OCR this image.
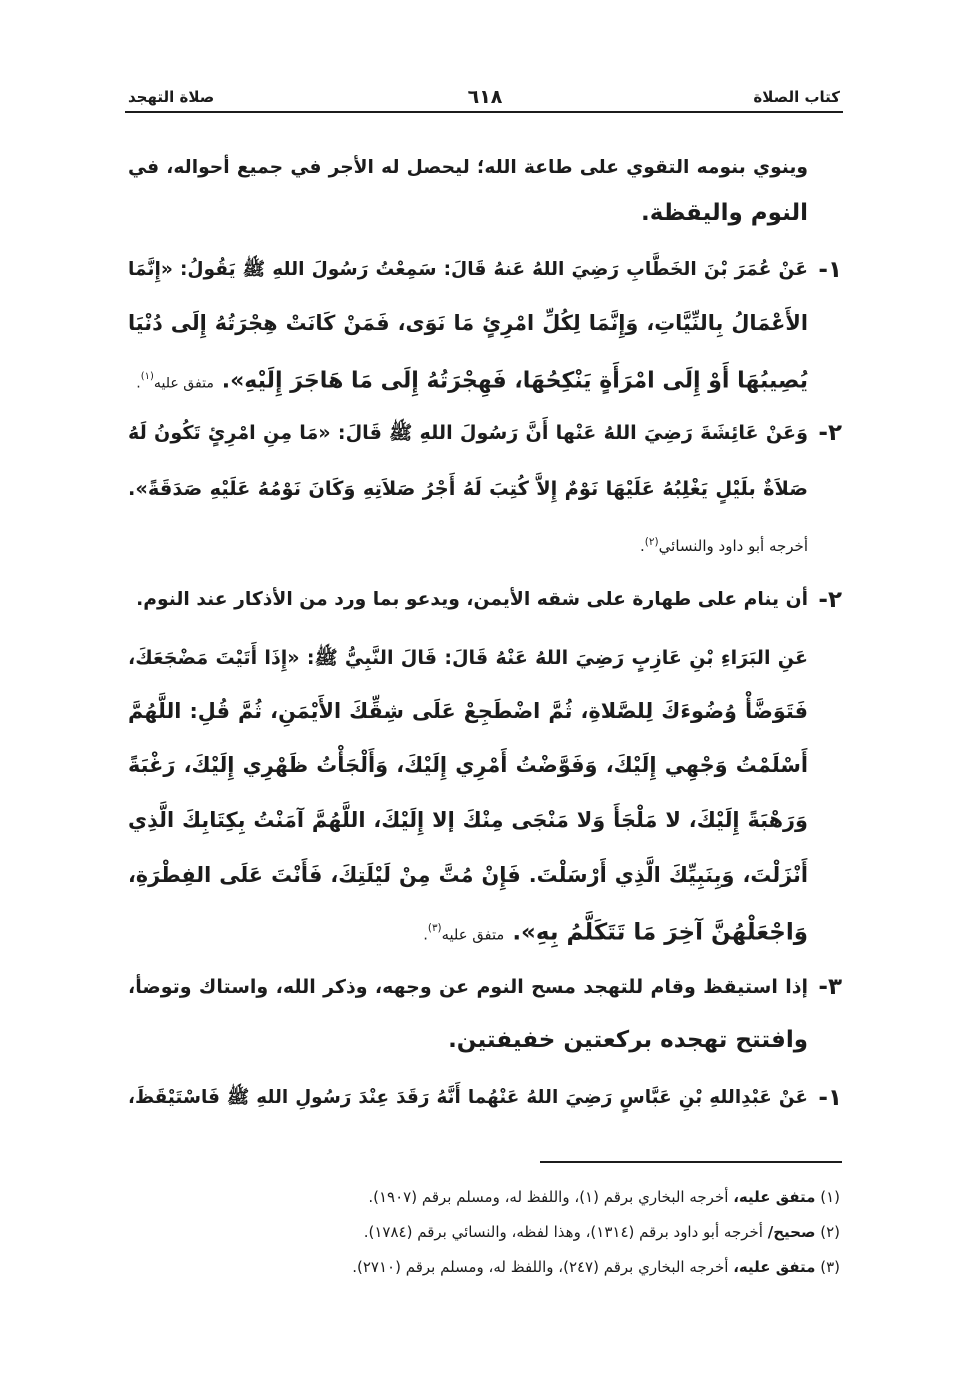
كتاب الصلاة
٦١٨
صلاة التهجد
وينوي بنومه التقوي على طاعة الله؛ ليحصل له الأجر في جميع أحواله، في
النوم واليقظة.
١-
عَنْ عُمَرَ بْنَ الخَطَّابِ رَضِيَ اللهُ عَنهُ قَالَ: سَمِعْتُ رَسُولَ اللهِ ﷺ يَقُولُ: «إِنَّمَا
الأَعْمَالُ بِالنِّيَّاتِ، وَإِنَّمَا لِكُلِّ امْرِئٍ مَا نَوَى، فَمَنْ كَانَتْ هِجْرَتُهُ إِلَى دُنْيَا
يُصِيبُهَا أَوْ إِلَى امْرَأَةٍ يَنْكِحُهَا، فَهِجْرَتُهُ إِلَى مَا هَاجَرَ إِلَيْهِ». متفق عليه$^{(١)}$.
٢-
وَعَنْ عَائِشَةَ رَضِيَ اللهُ عَنْها أَنَّ رَسُولَ اللهِ ﷺ قَالَ: «مَا مِنِ امْرِئٍ تَكُونُ لَهُ
صَلاَةٌ بلَيْلٍ يَغْلِبُهُ عَلَيْهَا نَوْمٌ إِلاَّ كُتِبَ لَهُ أَجْرُ صَلاَتِهِ وَكَانَ نَوْمُهُ عَلَيْهِ صَدَقَةً».
أخرجه أبو داود والنسائي$^{(٢)}$.
٢-
أن ينام على طهارة على شقه الأيمن، ويدعو بما ورد من الأذكار عند النوم.
عَنِ البَرَاءِ بْنِ عَازِبٍ رَضِيَ اللهُ عَنْهُ قَالَ: قَالَ النَّبِيُّ ﷺ: «إِذَا أَتَيْتَ مَضْجَعَكَ،
فَتَوَضَّأْ وُضُوءَكَ لِلصَّلاةِ، ثُمَّ اضْطَجِعْ عَلَى شِقِّكَ الأَيْمَنِ، ثُمَّ قُلِ: اللَّهُمَّ
أَسْلَمْتُ وَجْهِي إِلَيْكَ، وَفَوَّضْتُ أَمْرِي إِلَيْكَ، وَأَلْجَأْتُ ظَهْرِي إِلَيْكَ، رَغْبَةً
وَرَهْبَةً إِلَيْكَ، لا مَلْجَأَ وَلا مَنْجَى مِنْكَ إلا إِلَيْكَ، اللَّهُمَّ آمَنْتُ بِكِتَابِكَ الَّذِي
أَنْزَلْتَ، وَبِنَبِيِّكَ الَّذِي أَرْسَلْتَ. فَإِنْ مُتَّ مِنْ لَيْلَتِكَ، فَأَنْتَ عَلَى الفِطْرَةِ،
وَاجْعَلْهُنَّ آخِرَ مَا تَتَكَلَّمُ بِهِ». متفق عليه$^{(٣)}$.
٣-
إذا استيقظ وقام للتهجد مسح النوم عن وجهه، وذكر الله، واستاك وتوضأ،
وافتتح تهجده بركعتين خفيفتين.
١-
عَنْ عَبْدِاللهِ بْنِ عَبَّاسٍ رَضِيَ اللهُ عَنْهُما أَنَّهُ رَقَدَ عِنْدَ رَسُولِ اللهِ ﷺ فَاسْتَيْقَظَ،
(١) متفق عليه، أخرجه البخاري برقم (١)، واللفظ له، ومسلم برقم (١٩٠٧).
(٢) صحيح/ أخرجه أبو داود برقم (١٣١٤)، وهذا لفظه، والنسائي برقم (١٧٨٤).
(٣) متفق عليه، أخرجه البخاري برقم (٢٤٧)، واللفظ له، ومسلم برقم (٢٧١٠).
